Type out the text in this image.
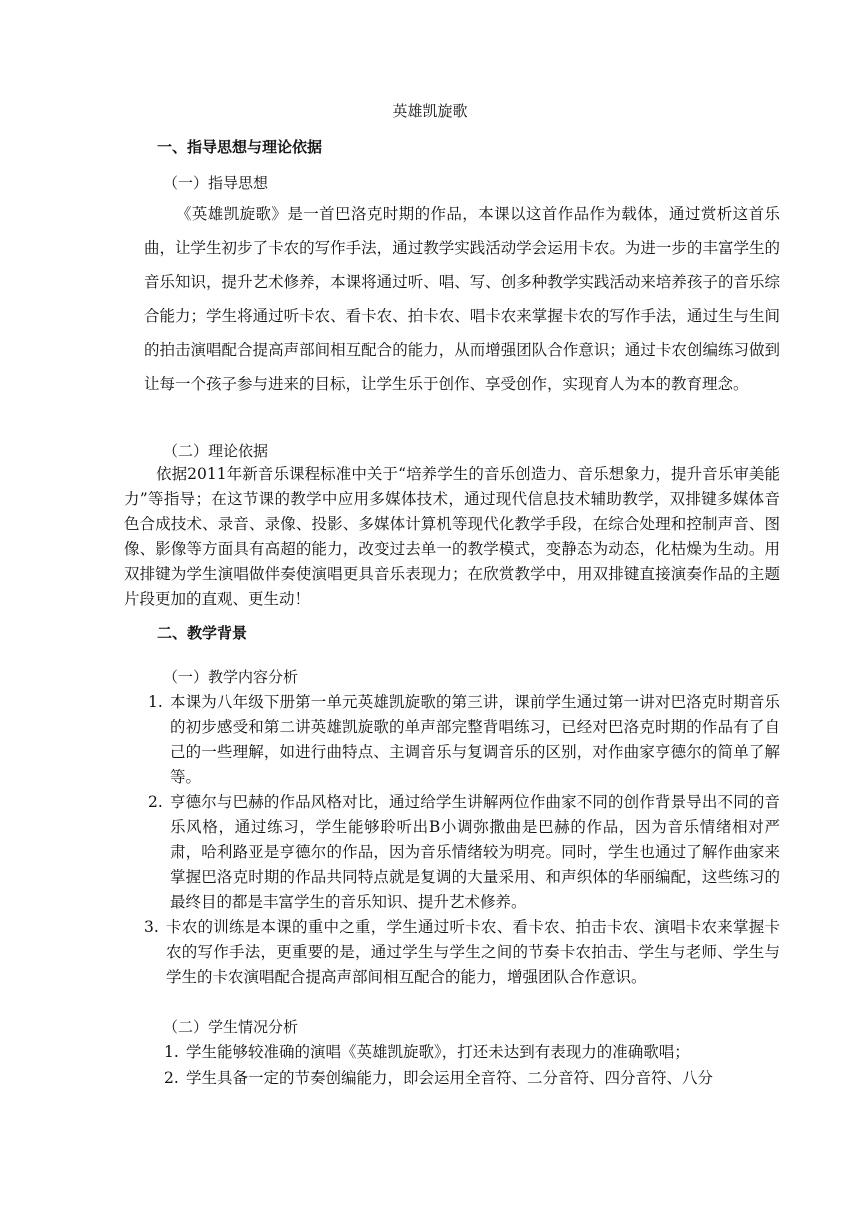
英雄凯旋歌
一、指导思想与理论依据
（一）指导思想

《英雄凯旋歌》是一首巴洛克时期的作品，本课以这首作品作为载体，通过赏析这首乐曲，让学生初步了卡农的写作手法，通过教学实践活动学会运用卡农。为进一步的丰富学生的音乐知识，提升艺术修养，本课将通过听、唱、写、创多种教学实践活动来培养孩子的音乐综合能力；学生将通过听卡农、看卡农、拍卡农、唱卡农来掌握卡农的写作手法，通过生与生间的拍击演唱配合提高声部间相互配合的能力，从而增强团队合作意识；通过卡农创编练习做到让每一个孩子参与进来的目标，让学生乐于创作、享受创作，实现育人为本的教育理念。

（二）理论依据

依据2011年新音乐课程标准中关于“培养学生的音乐创造力、音乐想象力，提升音乐审美能力”等指导；在这节课的教学中应用多媒体技术，通过现代信息技术辅助教学，双排键多媒体音色合成技术、录音、录像、投影、多媒体计算机等现代化教学手段，在综合处理和控制声音、图像、影像等方面具有高超的能力，改变过去单一的教学模式，变静态为动态，化枯燥为生动。用双排键为学生演唱做伴奏使演唱更具音乐表现力；在欣赏教学中，用双排键直接演奏作品的主题片段更加的直观、更生动！

二、教学背景
（一）教学内容分析
1. 本课为八年级下册第一单元英雄凯旋歌的第三讲，课前学生通过第一讲对巴洛克时期音乐的初步感受和第二讲英雄凯旋歌的单声部完整背唱练习，已经对巴洛克时期的作品有了自己的一些理解，如进行曲特点、主调音乐与复调音乐的区别，对作曲家亨德尔的简单了解等。
2. 亨德尔与巴赫的作品风格对比，通过给学生讲解两位作曲家不同的创作背景导出不同的音乐风格，通过练习，学生能够聆听出B小调弥撒曲是巴赫的作品，因为音乐情绪相对严肃，哈利路亚是亨德尔的作品，因为音乐情绪较为明亮。同时，学生也通过了解作曲家来掌握巴洛克时期的作品共同特点就是复调的大量采用、和声织体的华丽编配，这些练习的最终目的都是丰富学生的音乐知识、提升艺术修养。
3. 卡农的训练是本课的重中之重，学生通过听卡农、看卡农、拍击卡农、演唱卡农来掌握卡农的写作手法，更重要的是，通过学生与学生之间的节奏卡农拍击、学生与老师、学生与学生的卡农演唱配合提高声部间相互配合的能力，增强团队合作意识。
（二）学生情况分析
1. 学生能够较准确的演唱《英雄凯旋歌》，打还未达到有表现力的准确歌唱；
2. 学生具备一定的节奏创编能力，即会运用全音符、二分音符、四分音符、八分
